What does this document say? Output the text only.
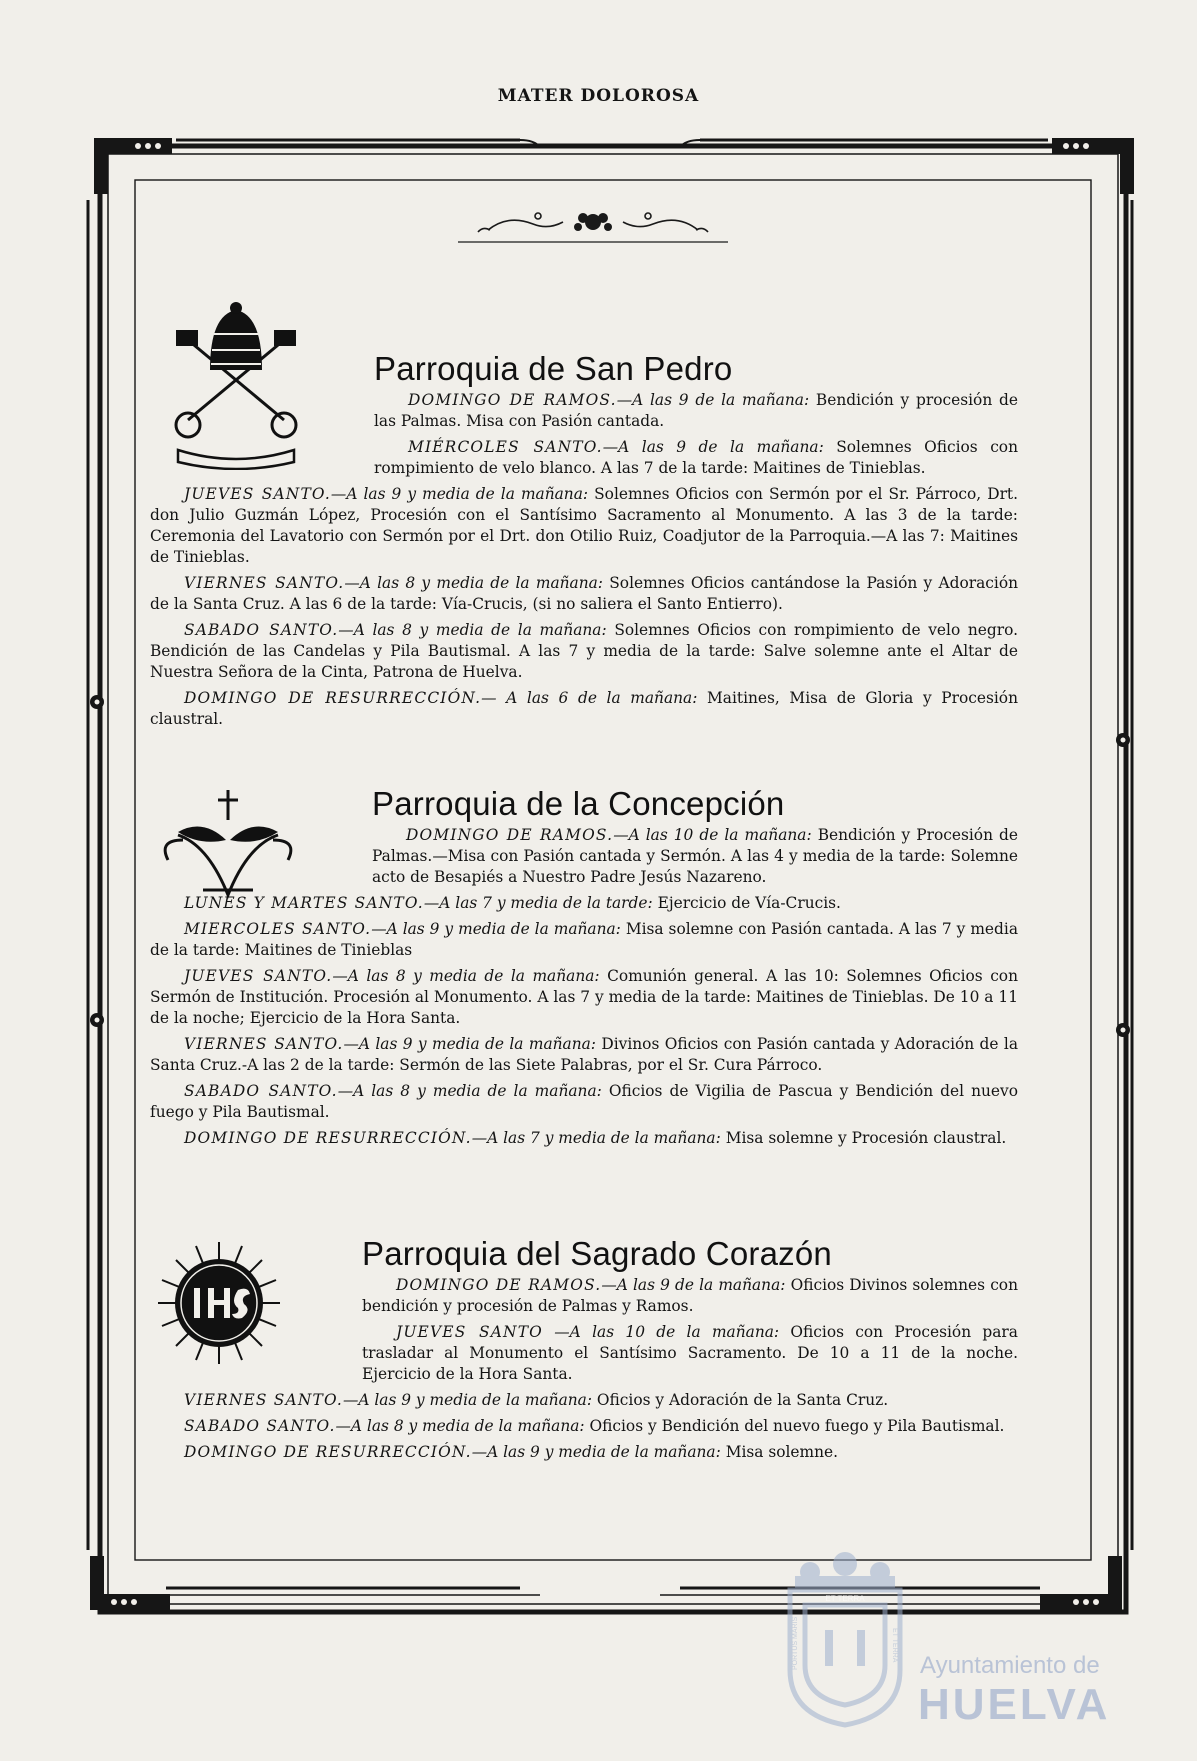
MATER DOLOROSA
Parroquia de San Pedro

DOMINGO DE RAMOS.—A las 9 de la mañana: Bendición y procesión de las Palmas. Misa con Pasión cantada.

MIÉRCOLES SANTO.—A las 9 de la mañana: Solemnes Oficios con rompimiento de velo blanco. A las 7 de la tarde: Maitines de Tinieblas.

JUEVES SANTO.—A las 9 y media de la mañana: Solemnes Oficios con Sermón por el Sr. Párroco, Drt. don Julio Guzmán López, Procesión con el Santísimo Sacramento al Monumento. A las 3 de la tarde: Ceremonia del Lavatorio con Sermón por el Drt. don Otilio Ruiz, Coadjutor de la Parroquia.—A las 7: Maitines de Tinieblas.

VIERNES SANTO.—A las 8 y media de la mañana: Solemnes Oficios cantándose la Pasión y Adoración de la Santa Cruz. A las 6 de la tarde: Vía-Crucis, (si no saliera el Santo Entierro).

SABADO SANTO.—A las 8 y media de la mañana: Solemnes Oficios con rompimiento de velo negro. Bendición de las Candelas y Pila Bautismal. A las 7 y media de la tarde: Salve solemne ante el Altar de Nuestra Señora de la Cinta, Patrona de Huelva.

DOMINGO DE RESURRECCIÓN.— A las 6 de la mañana: Maitines, Misa de Gloria y Procesión claustral.

Parroquia de la Concepción

DOMINGO DE RAMOS.—A las 10 de la mañana: Bendición y Procesión de Palmas.—Misa con Pasión cantada y Sermón. A las 4 y media de la tarde: Solemne acto de Besapiés a Nuestro Padre Jesús Nazareno.

LUNES Y MARTES SANTO.—A las 7 y media de la tarde: Ejercicio de Vía-Crucis.

MIERCOLES SANTO.—A las 9 y media de la mañana: Misa solemne con Pasión cantada. A las 7 y media de la tarde: Maitines de Tinieblas

JUEVES SANTO.—A las 8 y media de la mañana: Comunión general. A las 10: Solemnes Oficios con Sermón de Institución. Procesión al Monumento. A las 7 y media de la tarde: Maitines de Tinieblas. De 10 a 11 de la noche; Ejercicio de la Hora Santa.

VIERNES SANTO.—A las 9 y media de la mañana: Divinos Oficios con Pasión cantada y Adoración de la Santa Cruz.-A las 2 de la tarde: Sermón de las Siete Palabras, por el Sr. Cura Párroco.

SABADO SANTO.—A las 8 y media de la mañana: Oficios de Vigilia de Pascua y Bendición del nuevo fuego y Pila Bautismal.

DOMINGO DE RESURRECCIÓN.—A las 7 y media de la mañana: Misa solemne y Procesión claustral.

Parroquia del Sagrado Corazón

DOMINGO DE RAMOS.—A las 9 de la mañana: Oficios Divinos solemnes con bendición y procesión de Palmas y Ramos.

JUEVES SANTO —A las 10 de la mañana: Oficios con Procesión para trasladar al Monumento el Santísimo Sacramento. De 10 a 11 de la noche. Ejercicio de la Hora Santa.

VIERNES SANTO.—A las 9 y media de la mañana: Oficios y Adoración de la Santa Cruz.

SABADO SANTO.—A las 8 y media de la mañana: Oficios y Bendición del nuevo fuego y Pila Bautismal.

DOMINGO DE RESURRECCIÓN.—A las 9 y media de la mañana: Misa solemne.

ET TERRA
PORTUS MARIS	ET TERRA
Ayuntamiento de
HUELVA
